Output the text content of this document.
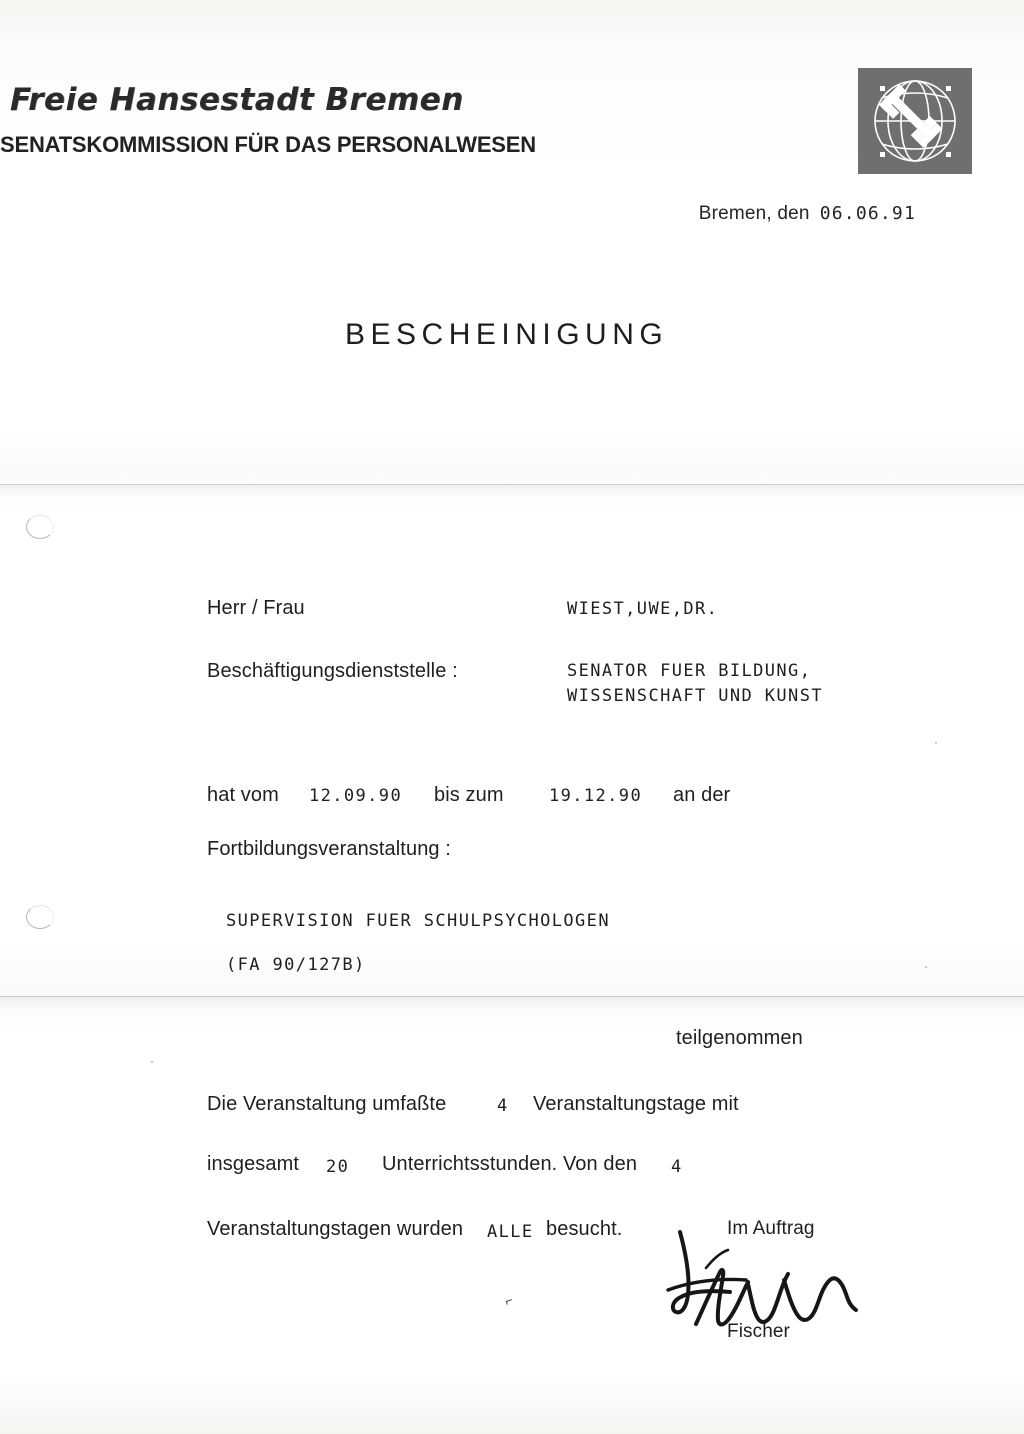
Freie Hansestadt Bremen
SENATSKOMMISSION FÜR DAS PERSONALWESEN
Bremen, den 06.06.91
BESCHEINIGUNG
Herr / Frau	WIEST,UWE,DR.
Beschäftigungsdienststelle :	SENATOR FUER BILDUNG,
WISSENSCHAFT UND KUNST
hat vom 12.09.90 bis zum	19.12.90 an der
Fortbildungsveranstaltung :
SUPERVISION FUER SCHULPSYCHOLOGEN
(FA 90/127B)
teilgenommen
Die Veranstaltung umfaßte	4 Veranstaltungstage mit
insgesamt 20 Unterrichtsstunden. Von den 4
Veranstaltungstagen wurden ALLE besucht.	Im Auftrag
Fischer
⌐
